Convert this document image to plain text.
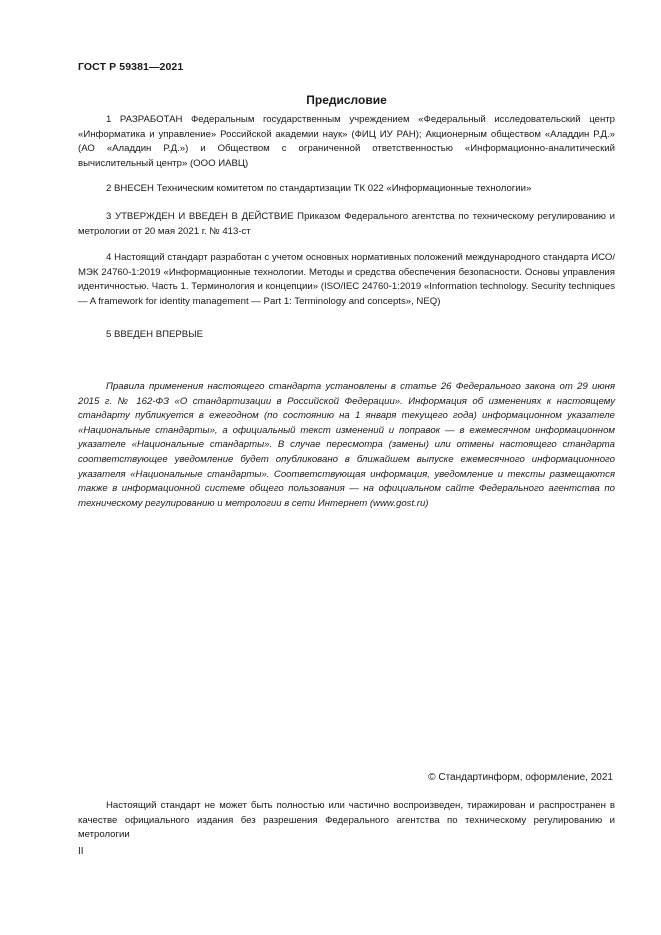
ГОСТ Р 59381—2021
Предисловие

1 РАЗРАБОТАН Федеральным государственным учреждением «Федеральный исследовательский центр «Информатика и управление» Российской академии наук» (ФИЦ ИУ РАН); Акционерным обществом «Аладдин Р.Д.» (АО «Аладдин Р.Д.») и Обществом с ограниченной ответственностью «Информационно-аналитический вычислительный центр» (ООО ИАВЦ)

2 ВНЕСЕН Техническим комитетом по стандартизации ТК 022 «Информационные технологии»

3 УТВЕРЖДЕН И ВВЕДЕН В ДЕЙСТВИЕ Приказом Федерального агентства по техническому регулированию и метрологии от 20 мая 2021 г. № 413-ст

4 Настоящий стандарт разработан с учетом основных нормативных положений международного стандарта ИСО/МЭК 24760-1:2019 «Информационные технологии. Методы и средства обеспечения безопасности. Основы управления идентичностью. Часть 1. Терминология и концепции» (ISO/IEC 24760-1:2019 «Information technology. Security techniques — A framework for identity management — Part 1: Terminology and concepts», NEQ)

5 ВВЕДЕН ВПЕРВЫЕ

Правила применения настоящего стандарта установлены в статье 26 Федерального закона от 29 июня 2015 г. № 162-ФЗ «О стандартизации в Российской Федерации». Информация об изменениях к настоящему стандарту публикуется в ежегодном (по состоянию на 1 января текущего года) информационном указателе «Национальные стандарты», а официальный текст изменений и поправок — в ежемесячном информационном указателе «Национальные стандарты». В случае пересмотра (замены) или отмены настоящего стандарта соответствующее уведомление будет опубликовано в ближайшем выпуске ежемесячного информационного указателя «Национальные стандарты». Соответствующая информация, уведомление и тексты размещаются также в информационной системе общего пользования — на официальном сайте Федерального агентства по техническому регулированию и метрологии в сети Интернет (www.gost.ru)

© Стандартинформ, оформление, 2021

Настоящий стандарт не может быть полностью или частично воспроизведен, тиражирован и распространен в качестве официального издания без разрешения Федерального агентства по техническому регулированию и метрологии

II
